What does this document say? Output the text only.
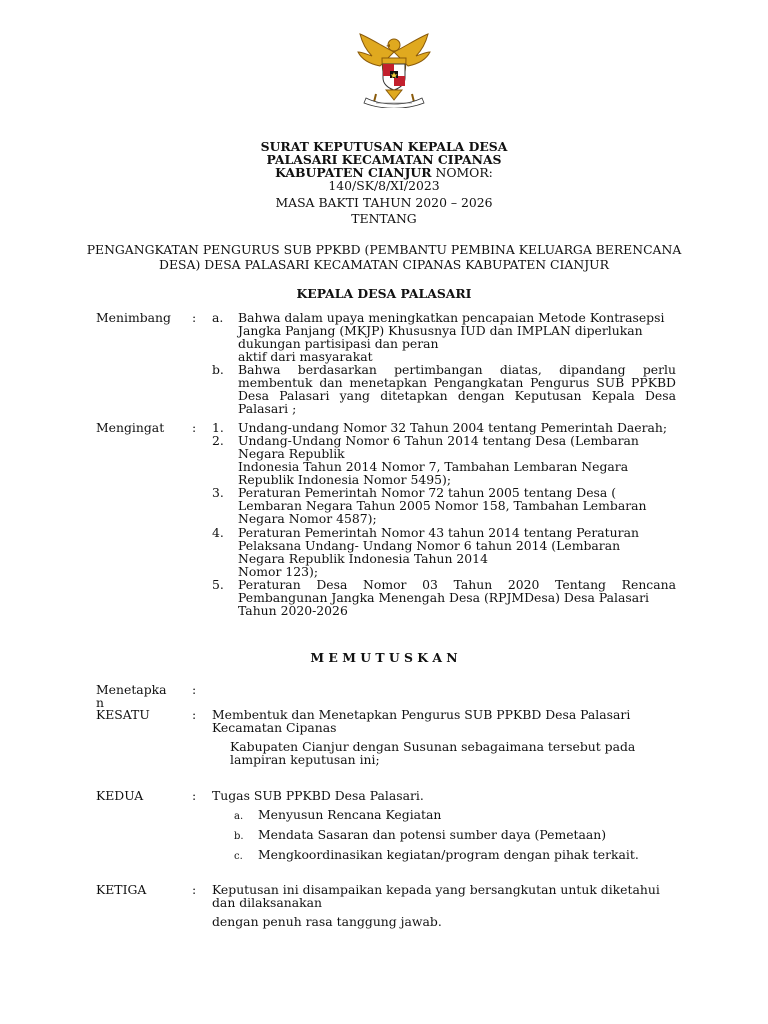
SURAT KEPUTUSAN KEPALA DESA
PALASARI KECAMATAN CIPANAS
KABUPATEN CIANJUR NOMOR:
140/SK/8/XI/2023
MASA BAKTI TAHUN 2020 – 2026
TENTANG
PENGANGKATAN PENGURUS SUB PPKBD (PEMBANTU PEMBINA KELUARGA BERENCANA
DESA) DESA PALASARI KECAMATAN CIPANAS KABUPATEN CIANJUR
KEPALA DESA PALASARI
Menimbang : a. Bahwa dalam upaya meningkatkan pencapaian Metode Kontrasepsi

Jangka Panjang (MKJP) Khususnya IUD dan IMPLAN diperlukan

dukungan partisipasi dan peran

aktif dari masyarakat

b. Bahwa berdasarkan pertimbangan diatas, dipandang perlu

membentuk dan menetapkan Pengangkatan Pengurus SUB PPKBD

Desa Palasari yang ditetapkan dengan Keputusan Kepala Desa

Palasari ;

Mengingat : 1. Undang-undang Nomor 32 Tahun 2004 tentang Pemerintah Daerah;

2. Undang-Undang Nomor 6 Tahun 2014 tentang Desa (Lembaran

Negara Republik

Indonesia Tahun 2014 Nomor 7, Tambahan Lembaran Negara

Republik Indonesia Nomor 5495);

3. Peraturan Pemerintah Nomor 72 tahun 2005 tentang Desa (

Lembaran Negara Tahun 2005 Nomor 158, Tambahan Lembaran

Negara Nomor 4587);

4. Peraturan Pemerintah Nomor 43 tahun 2014 tentang Peraturan

Pelaksana Undang- Undang Nomor 6 tahun 2014 (Lembaran

Negara Republik Indonesia Tahun 2014

Nomor 123);

5. Peraturan Desa Nomor 03 Tahun 2020 Tentang Rencana

Pembangunan Jangka Menengah Desa (RPJMDesa) Desa Palasari

Tahun 2020-2026

M E M U T U S K A N
Menetapka
n
:
KESATU	: Membentuk dan Menetapkan Pengurus SUB PPKBD Desa Palasari
Kecamatan Cipanas
Kabupaten Cianjur dengan Susunan sebagaimana tersebut pada
lampiran keputusan ini;
KEDUA	: Tugas SUB PPKBD Desa Palasari.
a. Menyusun Rencana Kegiatan
b. Mendata Sasaran dan potensi sumber daya (Pemetaan)
c. Mengkoordinasikan kegiatan/program dengan pihak terkait.
KETIGA	: Keputusan ini disampaikan kepada yang bersangkutan untuk diketahui
dan dilaksanakan
dengan penuh rasa tanggung jawab.
